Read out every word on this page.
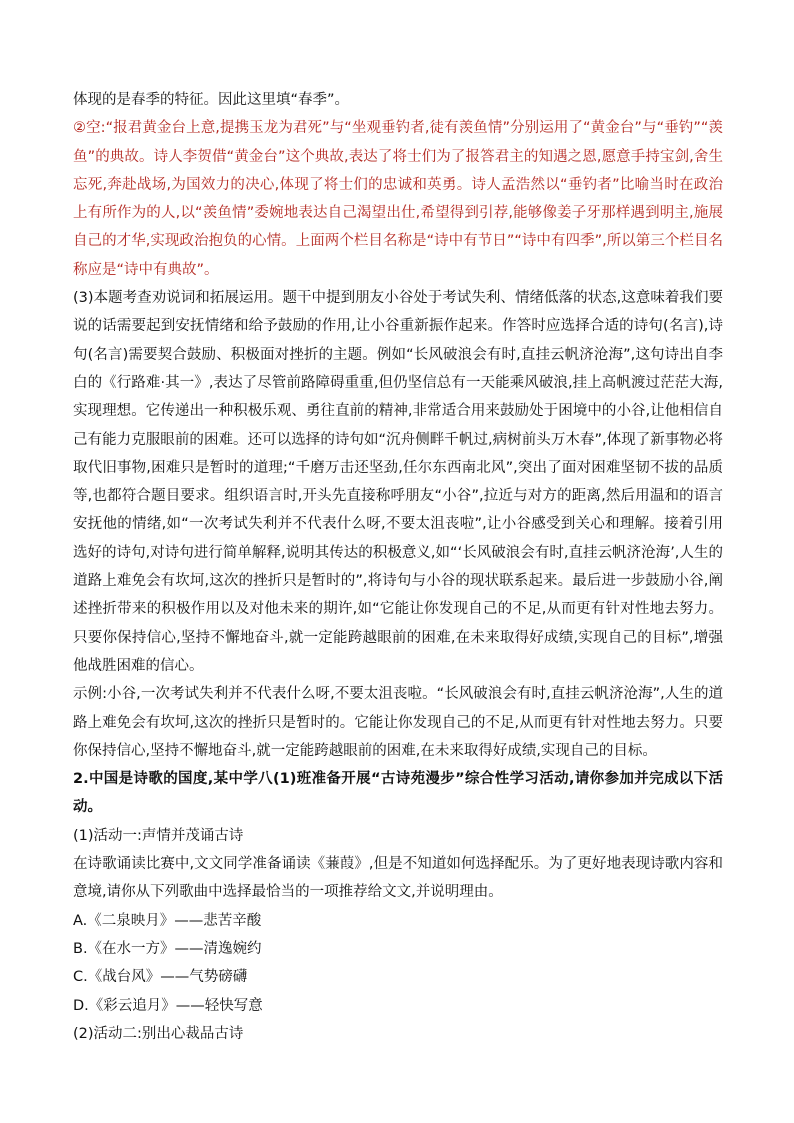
体现的是春季的特征。因此这里填“春季”。

②空:“报君黄金台上意,提携玉龙为君死”与“坐观垂钓者,徒有羡鱼情”分别运用了“黄金台”与“垂钓”“羡鱼”的典故。诗人李贺借“黄金台”这个典故,表达了将士们为了报答君主的知遇之恩,愿意手持宝剑,舍生忘死,奔赴战场,为国效力的决心,体现了将士们的忠诚和英勇。诗人孟浩然以“垂钓者”比喻当时在政治上有所作为的人,以“羡鱼情”委婉地表达自己渴望出仕,希望得到引荐,能够像姜子牙那样遇到明主,施展自己的才华,实现政治抱负的心情。上面两个栏目名称是“诗中有节日”“诗中有四季”,所以第三个栏目名称应是“诗中有典故”。

(3)本题考查劝说词和拓展运用。题干中提到朋友小谷处于考试失利、情绪低落的状态,这意味着我们要说的话需要起到安抚情绪和给予鼓励的作用,让小谷重新振作起来。作答时应选择合适的诗句(名言),诗句(名言)需要契合鼓励、积极面对挫折的主题。例如“长风破浪会有时,直挂云帆济沧海”,这句诗出自李白的《行路难·其一》,表达了尽管前路障碍重重,但仍坚信总有一天能乘风破浪,挂上高帆渡过茫茫大海,实现理想。它传递出一种积极乐观、勇往直前的精神,非常适合用来鼓励处于困境中的小谷,让他相信自己有能力克服眼前的困难。还可以选择的诗句如“沉舟侧畔千帆过,病树前头万木春”,体现了新事物必将取代旧事物,困难只是暂时的道理;“千磨万击还坚劲,任尔东西南北风”,突出了面对困难坚韧不拔的品质等,也都符合题目要求。组织语言时,开头先直接称呼朋友“小谷”,拉近与对方的距离,然后用温和的语言安抚他的情绪,如“一次考试失利并不代表什么呀,不要太沮丧啦”,让小谷感受到关心和理解。接着引用选好的诗句,对诗句进行简单解释,说明其传达的积极意义,如“‘长风破浪会有时,直挂云帆济沧海’,人生的道路上难免会有坎坷,这次的挫折只是暂时的”,将诗句与小谷的现状联系起来。最后进一步鼓励小谷,阐述挫折带来的积极作用以及对他未来的期许,如“它能让你发现自己的不足,从而更有针对性地去努力。只要你保持信心,坚持不懈地奋斗,就一定能跨越眼前的困难,在未来取得好成绩,实现自己的目标”,增强他战胜困难的信心。

示例:小谷,一次考试失利并不代表什么呀,不要太沮丧啦。“长风破浪会有时,直挂云帆济沧海”,人生的道路上难免会有坎坷,这次的挫折只是暂时的。它能让你发现自己的不足,从而更有针对性地去努力。只要你保持信心,坚持不懈地奋斗,就一定能跨越眼前的困难,在未来取得好成绩,实现自己的目标。

2.中国是诗歌的国度,某中学八(1)班准备开展“古诗苑漫步”综合性学习活动,请你参加并完成以下活动。

(1)活动一:声情并茂诵古诗

在诗歌诵读比赛中,文文同学准备诵读《蒹葭》,但是不知道如何选择配乐。为了更好地表现诗歌内容和意境,请你从下列歌曲中选择最恰当的一项推荐给文文,并说明理由。

A.《二泉映月》——悲苦辛酸

B.《在水一方》——清逸婉约

C.《战台风》——气势磅礴

D.《彩云追月》——轻快写意

(2)活动二:别出心裁品古诗
